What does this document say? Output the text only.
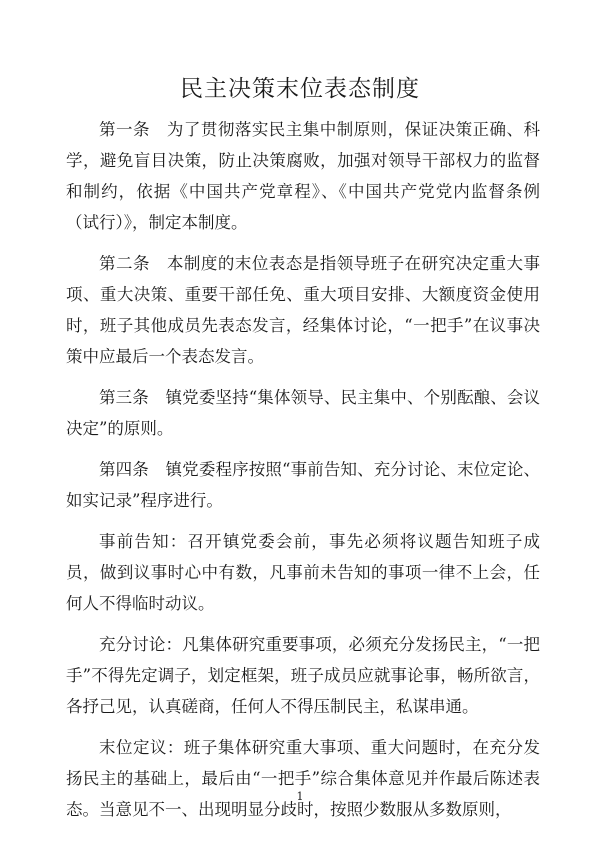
民主决策末位表态制度

第一条　为了贯彻落实民主集中制原则，保证决策正确、科学，避免盲目决策，防止决策腐败，加强对领导干部权力的监督和制约，依据《中国共产党章程》、《中国共产党党内监督条例（试行）》，制定本制度。

第二条　本制度的末位表态是指领导班子在研究决定重大事项、重大决策、重要干部任免、重大项目安排、大额度资金使用时，班子其他成员先表态发言，经集体讨论，“一把手”在议事决策中应最后一个表态发言。

第三条　镇党委坚持“集体领导、民主集中、个别酝酿、会议决定”的原则。

第四条　镇党委程序按照“事前告知、充分讨论、末位定论、如实记录”程序进行。

事前告知：召开镇党委会前，事先必须将议题告知班子成员，做到议事时心中有数，凡事前未告知的事项一律不上会，任何人不得临时动议。

充分讨论：凡集体研究重要事项，必须充分发扬民主，“一把手”不得先定调子，划定框架，班子成员应就事论事，畅所欲言，各抒己见，认真磋商，任何人不得压制民主，私谋串通。

末位定议：班子集体研究重大事项、重大问题时，在充分发扬民主的基础上，最后由“一把手”综合集体意见并作最后陈述表态。当意见不一、出现明显分歧时，按照少数服从多数原则，

1
